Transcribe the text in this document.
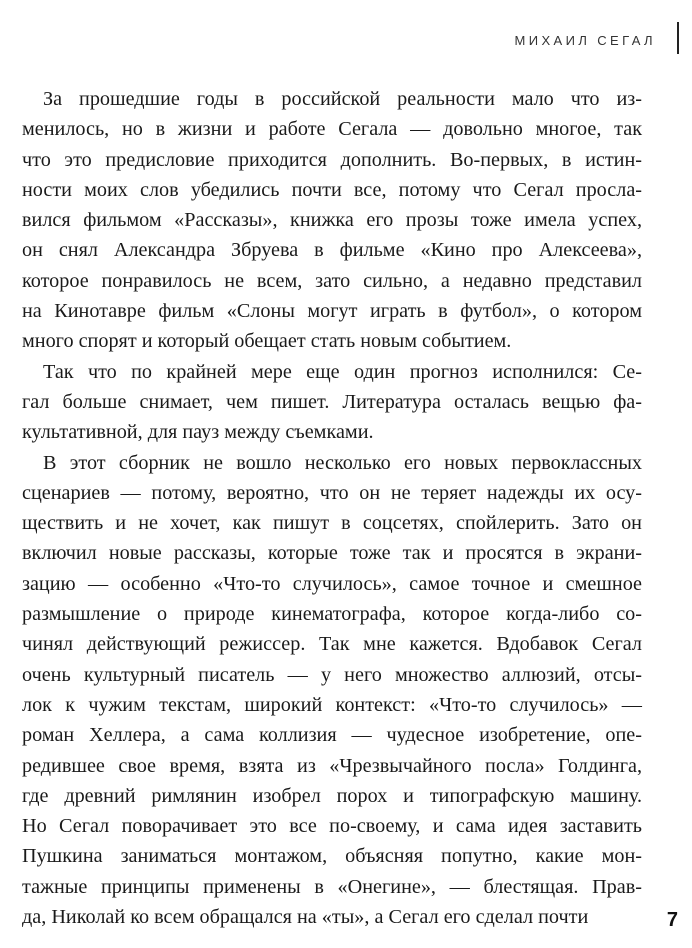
МИХАИЛ СЕГАЛ
За прошедшие годы в российской реальности мало что из-
менилось, но в жизни и работе Сегала — довольно многое, так
что это предисловие приходится дополнить. Во-первых, в истин-
ности моих слов убедились почти все, потому что Сегал просла-
вился фильмом «Рассказы», книжка его прозы тоже имела успех,
он снял Александра Збруева в фильме «Кино про Алексеева»,
которое понравилось не всем, зато сильно, а недавно представил
на Кинотавре фильм «Слоны могут играть в футбол», о котором
много спорят и который обещает стать новым событием.
Так что по крайней мере еще один прогноз исполнился: Се-
гал больше снимает, чем пишет. Литература осталась вещью фа-
культативной, для пауз между съемками.
В этот сборник не вошло несколько его новых первоклассных
сценариев — потому, вероятно, что он не теряет надежды их осу-
ществить и не хочет, как пишут в соцсетях, спойлерить. Зато он
включил новые рассказы, которые тоже так и просятся в экрани-
зацию — особенно «Что-то случилось», самое точное и смешное
размышление о природе кинематографа, которое когда-либо со-
чинял действующий режиссер. Так мне кажется. Вдобавок Сегал
очень культурный писатель — у него множество аллюзий, отсы-
лок к чужим текстам, широкий контекст: «Что-то случилось» —
роман Хеллера, а сама коллизия — чудесное изобретение, опе-
редившее свое время, взята из «Чрезвычайного посла» Голдинга,
где древний римлянин изобрел порох и типографскую машину.
Но Сегал поворачивает это все по-своему, и сама идея заставить
Пушкина заниматься монтажом, объясняя попутно, какие мон-
тажные принципы применены в «Онегине», — блестящая. Прав-
да, Николай ко всем обращался на «ты», а Сегал его сделал почти	7
